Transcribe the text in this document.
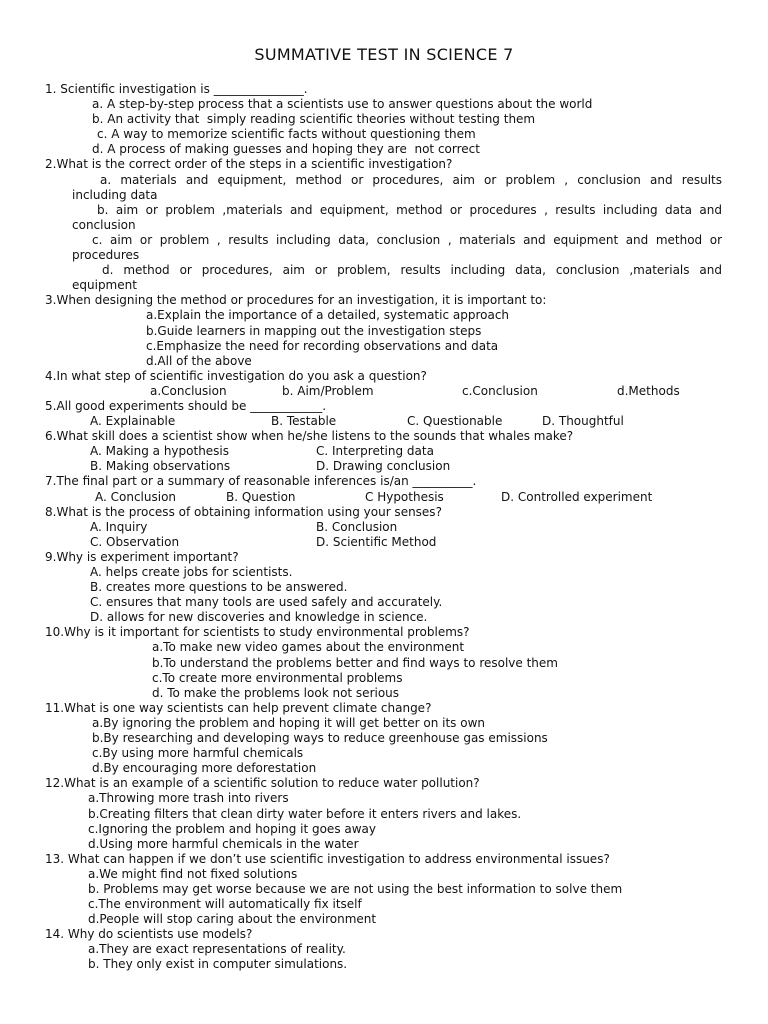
SUMMATIVE TEST IN SCIENCE 7
1. Scientific investigation is _______________.
a. A step-by-step process that a scientists use to answer questions about the world
b. An activity that  simply reading scientific theories without testing them
c. A way to memorize scientific facts without questioning them
d. A process of making guesses and hoping they are  not correct
2.What is the correct order of the steps in a scientific investigation?
a. materials and equipment, method or procedures, aim or problem , conclusion and results
including data
b. aim or problem ,materials and equipment, method or procedures , results including data and
conclusion
c. aim or problem , results including data, conclusion , materials and equipment and method or
procedures
d. method or procedures, aim or problem, results including data, conclusion ,materials and
equipment
3.When designing the method or procedures for an investigation, it is important to:
a.Explain the importance of a detailed, systematic approach
b.Guide learners in mapping out the investigation steps
c.Emphasize the need for recording observations and data
d.All of the above
4.In what step of scientific investigation do you ask a question?
a.Conclusion	b. Aim/Problem	c.Conclusion	d.Methods
5.All good experiments should be ____________.
A. Explainable	B. Testable	C. Questionable	D. Thoughtful
6.What skill does a scientist show when he/she listens to the sounds that whales make?
A. Making a hypothesis	C. Interpreting data
B. Making observations	D. Drawing conclusion
7.The final part or a summary of reasonable inferences is/an __________.
A. Conclusion	B. Question	C Hypothesis	D. Controlled experiment
8.What is the process of obtaining information using your senses?
A. Inquiry	B. Conclusion
C. Observation	D. Scientific Method
9.Why is experiment important?
A. helps create jobs for scientists.
B. creates more questions to be answered.
C. ensures that many tools are used safely and accurately.
D. allows for new discoveries and knowledge in science.
10.Why is it important for scientists to study environmental problems?
a.To make new video games about the environment
b.To understand the problems better and find ways to resolve them
c.To create more environmental problems
d. To make the problems look not serious
11.What is one way scientists can help prevent climate change?
a.By ignoring the problem and hoping it will get better on its own
b.By researching and developing ways to reduce greenhouse gas emissions
c.By using more harmful chemicals
d.By encouraging more deforestation
12.What is an example of a scientific solution to reduce water pollution?
a.Throwing more trash into rivers
b.Creating filters that clean dirty water before it enters rivers and lakes.
c.Ignoring the problem and hoping it goes away
d.Using more harmful chemicals in the water
13. What can happen if we don’t use scientific investigation to address environmental issues?
a.We might find not fixed solutions
b. Problems may get worse because we are not using the best information to solve them
c.The environment will automatically fix itself
d.People will stop caring about the environment
14. Why do scientists use models?
a.They are exact representations of reality.
b. They only exist in computer simulations.
